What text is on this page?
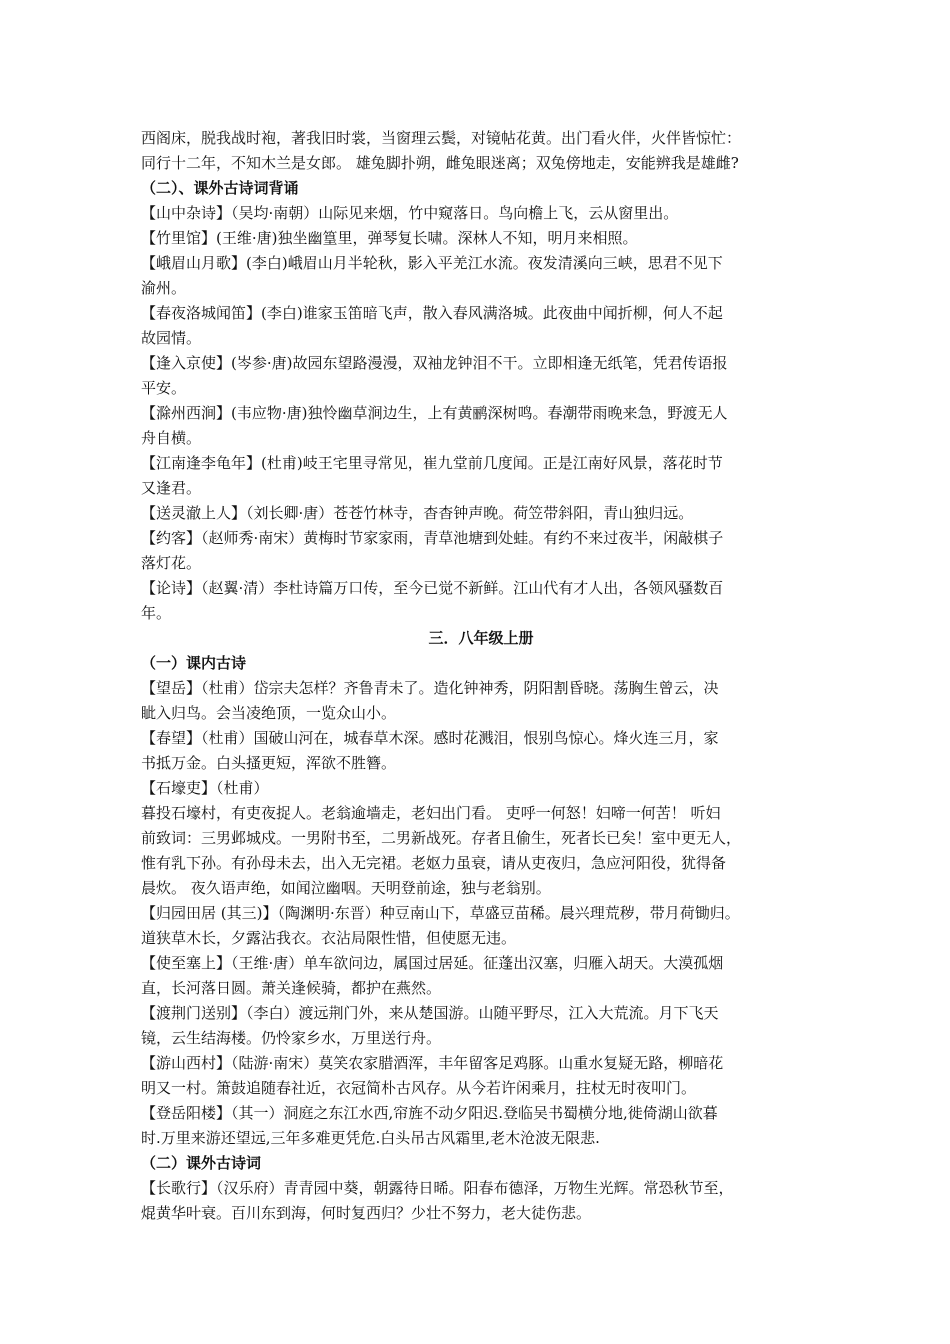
西阁床，脱我战时袍，著我旧时裳，当窗理云鬓，对镜帖花黄。出门看火伴，火伴皆惊忙：
同行十二年，不知木兰是女郎。 雄兔脚扑朔，雌兔眼迷离；双兔傍地走，安能辨我是雄雌?
（二）、课外古诗词背诵
【山中杂诗】（吴均·南朝）山际见来烟，竹中窥落日。鸟向檐上飞，云从窗里出。
【竹里馆】(王维·唐)独坐幽篁里，弹琴复长啸。深林人不知，明月来相照。
【峨眉山月歌】(李白)峨眉山月半轮秋，影入平羌江水流。夜发清溪向三峡，思君不见下
渝州。
【春夜洛城闻笛】(李白)谁家玉笛暗飞声，散入春风满洛城。此夜曲中闻折柳，何人不起
故园情。
【逢入京使】(岑参·唐)故园东望路漫漫，双袖龙钟泪不干。立即相逢无纸笔，凭君传语报
平安。
【滁州西涧】(韦应物·唐)独怜幽草涧边生，上有黄鹂深树鸣。春潮带雨晚来急，野渡无人
舟自横。
【江南逢李龟年】(杜甫)岐王宅里寻常见，崔九堂前几度闻。正是江南好风景，落花时节
又逢君。
【送灵澈上人】（刘长卿·唐）苍苍竹林寺，杳杳钟声晚。荷笠带斜阳，青山独归远。
【约客】（赵师秀·南宋）黄梅时节家家雨，青草池塘到处蛙。有约不来过夜半，闲敲棋子
落灯花。
【论诗】（赵翼·清）李杜诗篇万口传，至今已觉不新鲜。江山代有才人出，各领风骚数百
年。
三．八年级上册
（一）课内古诗
【望岳】（杜甫）岱宗夫怎样？齐鲁青未了。造化钟神秀，阴阳割昏晓。荡胸生曾云，决
眦入归鸟。会当凌绝顶，一览众山小。
【春望】（杜甫）国破山河在，城春草木深。感时花溅泪，恨别鸟惊心。烽火连三月，家
书抵万金。白头搔更短，浑欲不胜簪。
【石壕吏】（杜甫）
暮投石壕村，有吏夜捉人。老翁逾墙走，老妇出门看。 吏呼一何怒！妇啼一何苦！ 听妇
前致词：三男邺城戍。一男附书至，二男新战死。存者且偷生，死者长已矣！室中更无人，
惟有乳下孙。有孙母未去，出入无完裙。老妪力虽衰，请从吏夜归，急应河阳役，犹得备
晨炊。 夜久语声绝，如闻泣幽咽。天明登前途，独与老翁别。
【归园田居 (其三)】（陶渊明·东晋）种豆南山下，草盛豆苗稀。晨兴理荒秽，带月荷锄归。
道狭草木长，夕露沾我衣。衣沾局限性惜，但使愿无违。
【使至塞上】（王维·唐）单车欲问边，属国过居延。征蓬出汉塞，归雁入胡天。大漠孤烟
直，长河落日圆。萧关逢候骑，都护在燕然。
【渡荆门送别】（李白）渡远荆门外，来从楚国游。山随平野尽，江入大荒流。月下飞天
镜，云生结海楼。仍怜家乡水，万里送行舟。
【游山西村】（陆游·南宋）莫笑农家腊酒浑，丰年留客足鸡豚。山重水复疑无路，柳暗花
明又一村。箫鼓追随春社近，衣冠简朴古风存。从今若许闲乘月，拄杖无时夜叩门。
【登岳阳楼】（其一）洞庭之东江水西,帘旌不动夕阳迟.登临吴书蜀横分地,徙倚湖山欲暮
时.万里来游还望远,三年多难更凭危.白头吊古风霜里,老木沧波无限悲.
（二）课外古诗词
【长歌行】（汉乐府）青青园中葵，朝露待日晞。阳春布德泽，万物生光辉。常恐秋节至，
焜黄华叶衰。百川东到海，何时复西归？少壮不努力，老大徒伤悲。
